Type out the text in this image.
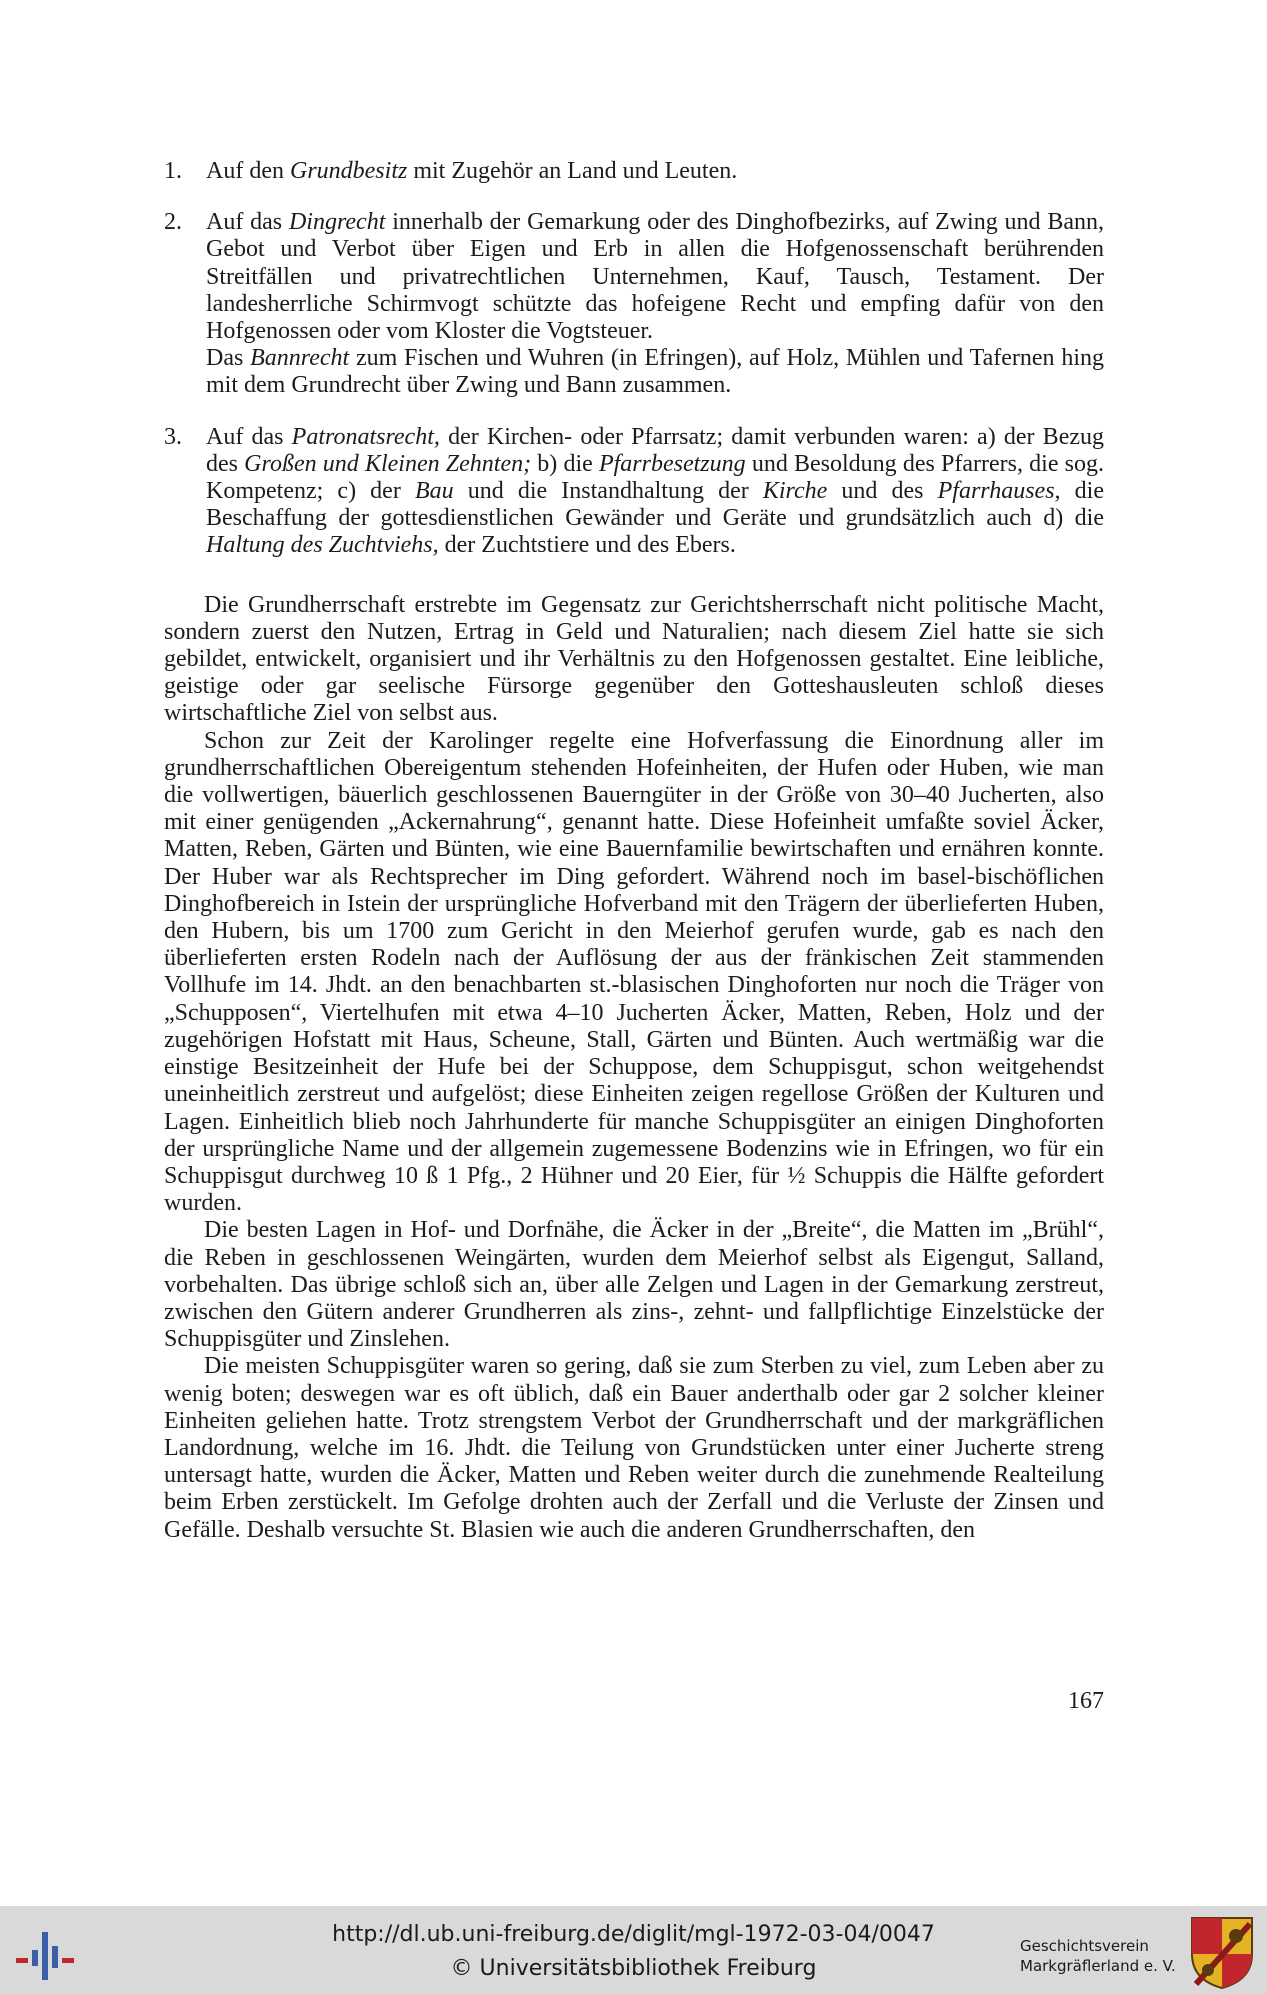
1.	Auf den Grundbesitz mit Zugehör an Land und Leuten.

2.	Auf das Dingrecht innerhalb der Gemarkung oder des Dinghofbezirks, auf Zwing und Bann, Gebot und Verbot über Eigen und Erb in allen die Hofgenossenschaft berührenden Streitfällen und privatrechtlichen Unternehmen, Kauf, Tausch, Testament. Der landesherrliche Schirmvogt schützte das hofeigene Recht und empfing dafür von den Hofgenossen oder vom Kloster die Vogtsteuer.

Das Bannrecht zum Fischen und Wuhren (in Efringen), auf Holz, Mühlen und Tafernen hing mit dem Grundrecht über Zwing und Bann zusammen.

3.	Auf das Patronatsrecht, der Kirchen- oder Pfarrsatz; damit verbunden waren: a) der Bezug des Großen und Kleinen Zehnten; b) die Pfarrbesetzung und Besoldung des Pfarrers, die sog. Kompetenz; c) der Bau und die Instandhaltung der Kirche und des Pfarrhauses, die Beschaffung der gottesdienstlichen Gewänder und Geräte und grundsätzlich auch d) die Haltung des Zuchtviehs, der Zuchtstiere und des Ebers.

Die Grundherrschaft erstrebte im Gegensatz zur Gerichtsherrschaft nicht politische Macht, sondern zuerst den Nutzen, Ertrag in Geld und Naturalien; nach diesem Ziel hatte sie sich gebildet, entwickelt, organisiert und ihr Verhältnis zu den Hofgenossen gestaltet. Eine leibliche, geistige oder gar seelische Fürsorge gegenüber den Gotteshausleuten schloß dieses wirtschaftliche Ziel von selbst aus.

Schon zur Zeit der Karolinger regelte eine Hofverfassung die Einordnung aller im grundherrschaftlichen Obereigentum stehenden Hofeinheiten, der Hufen oder Huben, wie man die vollwertigen, bäuerlich geschlossenen Bauerngüter in der Größe von 30–40 Jucherten, also mit einer genügenden „Ackernahrung“, genannt hatte. Diese Hofeinheit umfaßte soviel Äcker, Matten, Reben, Gärten und Bünten, wie eine Bauernfamilie bewirtschaften und ernähren konnte. Der Huber war als Rechtsprecher im Ding gefordert. Während noch im basel-bischöflichen Dinghofbereich in Istein der ursprüngliche Hofverband mit den Trägern der überlieferten Huben, den Hubern, bis um 1700 zum Gericht in den Meierhof gerufen wurde, gab es nach den überlieferten ersten Rodeln nach der Auflösung der aus der fränkischen Zeit stammenden Vollhufe im 14. Jhdt. an den benachbarten st.-blasischen Dinghoforten nur noch die Träger von „Schupposen“, Viertelhufen mit etwa 4–10 Jucherten Äcker, Matten, Reben, Holz und der zugehörigen Hofstatt mit Haus, Scheune, Stall, Gärten und Bünten. Auch wertmäßig war die einstige Besitzeinheit der Hufe bei der Schuppose, dem Schuppisgut, schon weitgehendst uneinheitlich zerstreut und aufgelöst; diese Einheiten zeigen regellose Größen der Kulturen und Lagen. Einheitlich blieb noch Jahrhunderte für manche Schuppisgüter an einigen Dinghoforten der ursprüngliche Name und der allgemein zugemessene Bodenzins wie in Efringen, wo für ein Schuppisgut durchweg 10 ß 1 Pfg., 2 Hühner und 20 Eier, für ½ Schuppis die Hälfte gefordert wurden.

Die besten Lagen in Hof- und Dorfnähe, die Äcker in der „Breite“, die Matten im „Brühl“, die Reben in geschlossenen Weingärten, wurden dem Meierhof selbst als Eigengut, Salland, vorbehalten. Das übrige schloß sich an, über alle Zelgen und Lagen in der Gemarkung zerstreut, zwischen den Gütern anderer Grundherren als zins-, zehnt- und fallpflichtige Einzelstücke der Schuppisgüter und Zinslehen.

Die meisten Schuppisgüter waren so gering, daß sie zum Sterben zu viel, zum Leben aber zu wenig boten; deswegen war es oft üblich, daß ein Bauer anderthalb oder gar 2 solcher kleiner Einheiten geliehen hatte. Trotz strengstem Verbot der Grundherrschaft und der markgräflichen Landordnung, welche im 16. Jhdt. die Teilung von Grundstücken unter einer Jucherte streng untersagt hatte, wurden die Äcker, Matten und Reben weiter durch die zunehmende Realteilung beim Erben zerstückelt. Im Gefolge drohten auch der Zerfall und die Verluste der Zinsen und Gefälle. Deshalb versuchte St. Blasien wie auch die anderen Grundherrschaften, den

167
http://dl.ub.uni-freiburg.de/diglit/mgl-1972-03-04/0047
© Universitätsbibliothek Freiburg
Geschichtsverein
Markgräflerland e. V.
